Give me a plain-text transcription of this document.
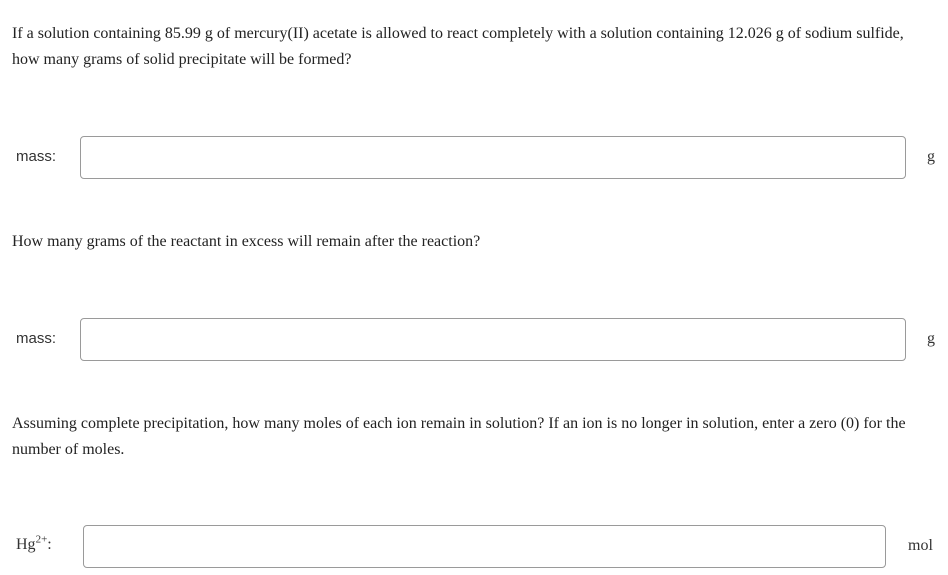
If a solution containing 85.99 g of mercury(II) acetate is allowed to react completely with a solution containing 12.026 g of sodium sulfide, how many grams of solid precipitate will be formed?
mass:	g
How many grams of the reactant in excess will remain after the reaction?
mass:	g
Assuming complete precipitation, how many moles of each ion remain in solution? If an ion is no longer in solution, enter a zero (0) for the number of moles.
$Hg^{2+}$:	mol
